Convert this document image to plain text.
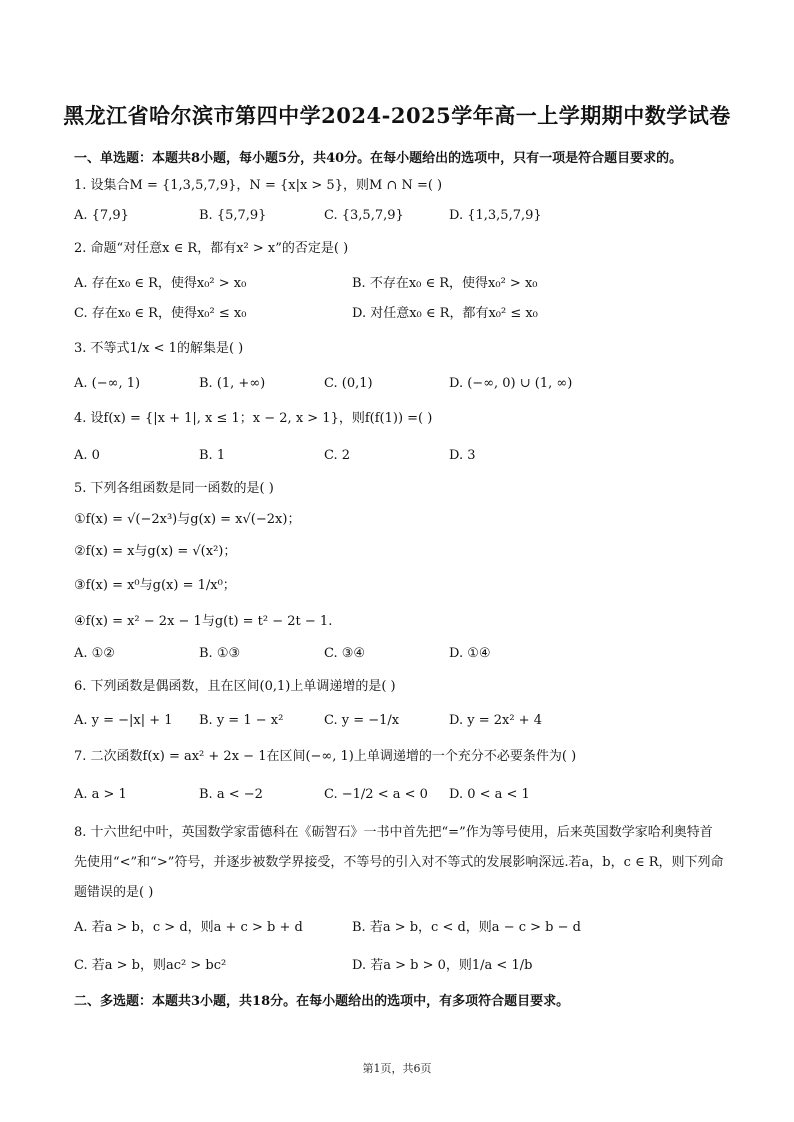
黑龙江省哈尔滨市第四中学2024-2025学年高一上学期期中数学试卷
一、单选题：本题共8小题，每小题5分，共40分。在每小题给出的选项中，只有一项是符合题目要求的。
1. 设集合M = {1,3,5,7,9}，N = {x|x > 5}，则M ∩ N =( )
A. {7,9}	B. {5,7,9}	C. {3,5,7,9}	D. {1,3,5,7,9}
2. 命题“对任意x ∈ R，都有x² > x”的否定是( )
A. 存在x₀ ∈ R，使得x₀² > x₀	B. 不存在x₀ ∈ R，使得x₀² > x₀
C. 存在x₀ ∈ R，使得x₀² ≤ x₀	D. 对任意x₀ ∈ R，都有x₀² ≤ x₀
3. 不等式1/x < 1的解集是( )
A. (−∞, 1)	B. (1, +∞)	C. (0,1)	D. (−∞, 0) ∪ (1, ∞)
4. 设f(x) = {|x + 1|, x ≤ 1；x − 2, x > 1}，则f(f(1)) =( )
A. 0	B. 1	C. 2	D. 3
5. 下列各组函数是同一函数的是( )
①f(x) = √(−2x³)与g(x) = x√(−2x)；
②f(x) = x与g(x) = √(x²)；
③f(x) = x⁰与g(x) = 1/x⁰；
④f(x) = x² − 2x − 1与g(t) = t² − 2t − 1.
A. ①②	B. ①③	C. ③④	D. ①④
6. 下列函数是偶函数，且在区间(0,1)上单调递增的是( )
A. y = −|x| + 1	B. y = 1 − x²	C. y = −1/x	D. y = 2x² + 4
7. 二次函数f(x) = ax² + 2x − 1在区间(−∞, 1)上单调递增的一个充分不必要条件为( )
A. a > 1	B. a < −2	C. −1/2 < a < 0	D. 0 < a < 1
8. 十六世纪中叶，英国数学家雷德科在《砺智石》一书中首先把“=”作为等号使用，后来英国数学家哈利奥特首先使用“<”和“>”符号，并逐步被数学界接受，不等号的引入对不等式的发展影响深远.若a，b，c ∈ R，则下列命题错误的是( )
A. 若a > b，c > d，则a + c > b + d	B. 若a > b，c < d，则a − c > b − d
C. 若a > b，则ac² > bc²	D. 若a > b > 0，则1/a < 1/b
二、多选题：本题共3小题，共18分。在每小题给出的选项中，有多项符合题目要求。
第1页，共6页
